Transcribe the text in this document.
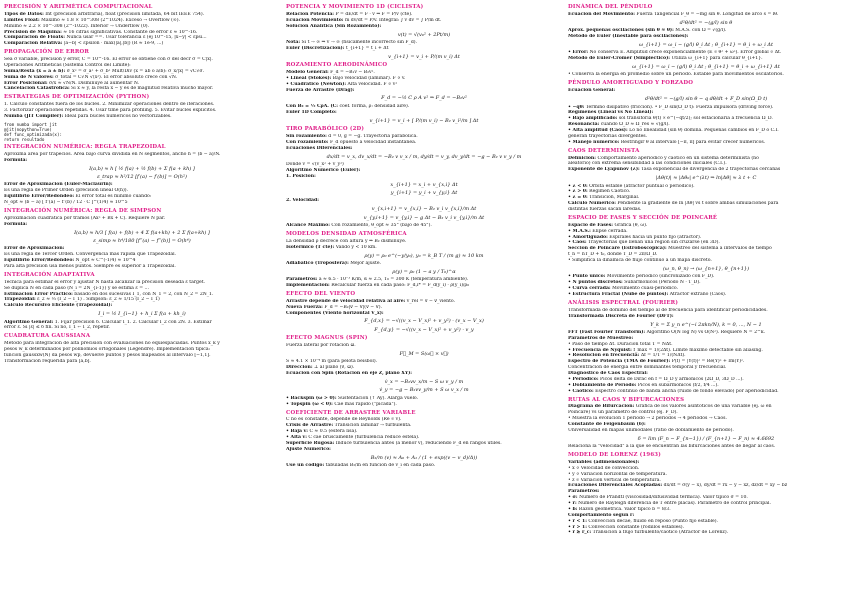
PRECISIÓN Y ARITMÉTICA COMPUTACIONAL
Tipos de Datos: Int (precisión arbitraria), float (precisión limitada, 64 bit IEEE 754).
Límites Float: Máximo ≈ 1.8 × 10^308 (2^1024). Exceso → Overflow (∞).
Mínimo ≈ 2.2 × 10^-308 (2^-1022). Inferior → Underflow (0).
Precisión de Máquina: ≈ 16 cifras significativas. Constante de error ε ≈ 10^-16.
Comparación de Floats: Nunca usar ==. Usar tolerancia ε (ej 10^-15, |x−y| < εpsi...
Comparación Relativa: |a−b| < εpsilon · max(|a|,|b|) (R ≈ 1e-9, ...)
PROPAGACIÓN DE ERROR
Sea σ variable, precisión y error, C = 10^-16. El error se obtiene con σ del decr σ = C|x|.
Operaciones Aritméticas (Sistema Control del Límite):
Suma/Resta (x = a ± b): σ_x² = σ_a² + σ_b² Mult/Div (x = ab ó a/b): σ_x/|x| = √C√σ.
Suma de N valores: σ_total = C√N √⟨x²⟩. El error absoluto crece con √N.
Error Posicional: σ/x ≈ √N/N. Disminuye al aumentar N.
Cancelación Catastrófica: Si x ≈ y, la resta x − y es de magnitud relativa mucho mayor.
ESTRATEGIAS DE OPTIMIZACIÓN (PYTHON)
1. Cálculo constantes fuera de los bucles. 2. Minimizar operaciones dentro de iteraciones.
3. Factorizar operaciones repetidas. 4. Usar time para profiling. 5. Evitar bucles explícitos.
Numba (JIT Compiler): Ideal para bucles numéricos no vectorizables.
from numba import jit
@jit(nopython=True)
def func_optimizada(x):
return resultado
INTEGRACIÓN NUMÉRICA: REGLA TRAPEZOIDAL
Aproxima área por trapecios. Área bajo curva dividida en N segmentos, ancho h = (b − a)/N.
Fórmula:
I(a,b) ≈ h [ ½ f(a) + ½ f(b) + Σ f(a + kh) ]
ε_trap ≈ h²/12 [f′(a) − f′(b)] = O(h²)
Error de Aproximación (Euler-Maclaurin):
Es una regla de Primer Orden (precisión lineal O(h)).
Equilibrio Error/Redondeo: El error total es mínimo cuando:
N_opt ≈ (b − a) [ f″(a) − f″(b) / 12 · C ]^(1/4) ≈ 10^5
INTEGRACIÓN NUMÉRICA: REGLA DE SIMPSON
Aproximación cuadrática por tramos (Ax² + Bx + C). Requiere N par.
Fórmula:
I(a,b) ≈ h/3 [ f(a) + f(b) + 4 Σ f(a+kh) + 2 Σ f(a+kh) ]
ε_simp ≈ h⁴/180 [f‴(a) − f‴(b)] = O(h⁴)
Error de Aproximación:
Es una regla de Tercer Orden. Convergencia más rápida que Trapezoidal.
Equilibrio Error/Redondeo: N_opt ≈ C^(-1/4) ≈ 10^4
Para alta precisión usa menos puntos. Siempre es superior a Trapezoidal.
INTEGRACIÓN ADAPTATIVA
Técnica para estimar el error y ajustar N hasta alcanzar la precisión deseada ε target.
Se duplica N en cada paso (N_i = 2N_{i-1}) y se estima ε = ...
Estimación Error Práctico: basado en dos sucesivas I_1, con N_1 = 2, con N_2 = 2N_1.
Trapezoidal: ε_2 ≈ ⅓ (I_2 − I_1) . Simpson: ε_2 ≈ 1/15 (I_2 − I_1)
Cálculo Recursivo Eficiente (Trapezoidal):
I_i = ½ I_{i−1} + h_i Σ f(a + kh_i)
Algoritmo General: 1. Fijar precisión δ. Calcular I_1. 2. Calcular I_2 con 2N. 3. Estimar
error ε. Si |ε| ≤ δ fin. Si no, I_1 ← I_2, repetir.
CUADRATURA GAUSSIANA
Método para integración de alta precisión con evaluaciones no equiespaciadas. Puntos x_k y
pesos w_k determinados por polinomios ortogonales (Legendre). Implementación típica:
función gaussxw(N) da pesos wp, devuelve puntos y pesos mapeados al intervalo [−1,1].
Transformación requerida para [a,b].
POTENCIA Y MOVIMIENTO 1D (CICLISTA)
Relación Potencia: P = dE/dt = F · v ⇒ F = P/v (cte).
Ecuación Movimiento: m dv/dt = P/v. Integral: ∫ v dv = ∫ P/m dt.
Solución Analítica (Sin Rozamiento):
v(t) = √(v₀² + 2Pt/m)
Nota: Si t → ∞ ⇒ v → ∞ (físicamente incorrecto sin F_d).
Euler (Discretización): t_{i+1} = t_i + Δt
v_{i+1} = v_i + P/(m v_i) Δt
ROZAMIENTO AERODINÁMICO
Modelo General: F_d = −B₁v − B₂v².
• Lineal (Stokes): Bajo velocidad (laminar). F ∝ v.
• Cuadrático (Newton): Alta velocidad. F ∝ v²
Fuerza de Arrastre (Drag):
F_d = −½ C ρ A v² ⇒ F_d = −B₂v²
Con B₂ = ½ CρA. (C: coef. forma, ρ: densidad aire).
Euler 1D Completo:
v_{i+1} = v_i + [ P/(m v_i) − B₂ v_i²/m ] Δt
TIRO PARABÓLICO (2D)
Sin rozamiento: d = 0, g = −g. Trayectoria parabólica.
Con rozamiento: F_d opuesto a velocidad instantánea.
Ecuaciones Diferenciales:
dx/dt = v_x, dv_x/dt = −B₂ v v_x / m, dy/dt = v_y, dv_y/dt = −g − B₂ v v_y / m
Donde v = √(v_x² + v_y²)
Algoritmo Numérico (Euler):
1. Posición:
x_{i+1} = x_i + v_{x,i} Δt
y_{i+1} = y_i + v_{y,i} Δt
2. Velocidad:
v_{x,i+1} = v_{x,i} − B₂ v_i v_{x,i}/m Δt
v_{y,i+1} = v_{y,i} − g Δt − B₂ v_i v_{y,i}/m Δt
Alcance Máximo: Con rozamiento, θ_opt ≈ 35° (bajo de 45°).
MODELOS DENSIDAD ATMOSFÉRICA
La densidad ρ decrece con altura y ⇒ B₂ disminuye.
Isotérmico (T cte): Válido y < 10 km.
ρ(y) = ρ₀ e^(−y/y₀), y₀ = k_B T / (m g) ≈ 10 km
Adiabático (Troposfera): Mejor ajuste.
ρ(y) = ρ₀ (1 − a y / T₀)^α
Parámetros: a ≈ 6.5 · 10⁻³ K/m, α ≈ 2.5, T₀ = 300 K (temperatura ambiente).
Implementación: Recalcular fuerza en cada paso: F_d,i* = F_d(y_i) · ρ(y_i)/ρ₀
EFECTO DEL VIENTO
Arrastre depende de velocidad relativa al aire: v_rel = v⃗ − v⃗_viento.
Nueva Fuerza: F_d = −B₂|v⃗ − V⃗|(v⃗ − V⃗).
Componentes (Viento horizontal V_x):
F_{d,x} = −√((v_x − V_x)² + v_y²) · (v_x − V_x)
F_{d,y} = −√((v_x − V_x)² + v_y²) · v_y
EFECTO MAGNUS (SPIN)
Fuerza lateral por rotación ω⃗.
F⃗_M = S(ω⃗ × v⃗)
S ≈ 4.1 × 10⁻⁴ m (para pelota béisbol).
Dirección: ⊥ al plano (v⃗, ω⃗).
Ecuación con Spin (Rotación en eje Z, plano XY):
v̇_x = −B₂vv_x/m − S ω v_y / m
v̇_y = −g − B₂vv_y/m + S ω v_x / m
• Backspin (ω > 0): Sustentación (↑ Ay). Alarga vuelo.
• Topspin (ω < 0): Cae más rápido ("picada").
COEFICIENTE DE ARRASTRE VARIABLE
C no es constante, depende de Reynolds (Re ∝ v).
Crisis de Arrastre: Transición laminar → turbulenta.
• Baja v: C ≈ 0.5 (esfera lisa).
• Alta v: C cae bruscamente (turbulencia reduce estela).
Superficie Rugosa: Induce turbulencia antes (a menor v), reduciendo F_d en rangos útiles.
Ajuste Numérico:
B₂/m (v) ≈ A₀ + A₁ / (1 + exp((v − v_d)/Δ))
Use un código: tabuladas B₂/m en función de v_i en cada paso.
DINÁMICA DEL PÉNDULO
Ecuación del Movimiento: Fuerza Tangencial F_θ = −mg sin θ. Longitud de arco s = lθ.
d²θ/dt² = −(g/l) sin θ
Aprox. pequeñas oscilaciones (sin θ ≈ θ): M.A.S. con Ω = √(g/l).
Método de Euler (Inestable para oscilaciones):
ω_{i+1} = ω_i − (g/l) θ_i Δt ; θ_{i+1} = θ_i + ω_i Δt
• Error: No conserva E. Amplitud crece exponencialmente (E ∝ θ² + ω²). Error global ∝ Δt.
Método de Euler-Cromer (Simpléctico): Utiliza ω_{i+1} para calcular θ_{i+1}.
ω_{i+1} = ω_i − (g/l) θ_i Δt ; θ_{i+1} = θ_i + ω_{i+1} Δt
• Conserva la energía en promedio sobre un período. Estable para movimientos oscilatorios.
PÉNDULO AMORTIGUADO Y FORZADO
Ecuación General:
d²θ/dt² = −(g/l) sin θ − q dθ/dt + F_D sin(Ω_D t)
• −qθ̇: Término disipativo (fricción). • F_D sin(Ω_D t): Fuerza impulsora (driving force).
Regímenes (Lineal vs No Lineal):
• Bajo amplificado: sol transitoria θ(t) ∝ e^(−qt/2); sol estacionaria a frecuencia Ω_D.
Resonancia: cuando Ω_D ≈ Ω_res ≈ √(g/l).
• Alta amplitud (Caos): Lo no linealidad (sin θ) domina. Pequeñas cambios en F_D o C.I.
generan trayectorias divergentes.
• Manejo numérico: Restringir θ al intervalo [−π, π] para evitar crecer numéricos.
CAOS DETERMINISTA
Definición: Comportamiento aperiódico y caótico en un sistema determinista (no
aleatorio) con extrema sensibilidad a las condiciones iniciales (C.I.).
Exponente de Lyapunov (λ): Tasa exponencial de divergencia de 2 trayectorias cercanas
|Δθ(t)| ≈ |Δθ₀| e^(λt) ⇒ ln|Δθ| ≈ λ t + C
• λ < 0: Órbita estable (atractor puntual o periódico).
• λ > 0: Régimen Caótico.
• λ = 0: Transición, Marginal.
Cálculo Numérico: Pendiente la gradiente de ln |Δθ| vs t sobre ambas simulaciones para
distintas fuerzas sacan laredas.
ESPACIO DE FASES Y SECCIÓN DE POINCARÉ
Espacio de Fases: Gráfica (θ, ω).
• M.A.S.: Elipse cerrada.
• Amortiguado: Espirales hacia un punto fijo (atractor).
• Caos: Trayectorias que llenan una región sin cruzarse (en 3D).
Sección de Poincaré (Estroboscópica): Muestreo del sistema a intervalos de tiempo
t_n = nT_D + t₀, donde T_D = 2π/Ω_D.
• Simplifica la dinámica de flujo continuo a un mapa discreto.
(ω_n, θ_n) → (ω_{n+1}, θ_{n+1})
• Punto único: Movimiento periódico (sincronizado con F_D).
• N puntos discretos: Subarmónicos (Período N · T_D).
• Curva cerrada: Movimiento cuasi-periódico.
• Estructura Fractal (Nube de puntos): Atractor extraño (Caos).
ANÁLISIS ESPECTRAL (FOURIER)
Transformada de dominio del tiempo al de frecuencia para identificar periodicidades.
Transformada Discreta de Fourier (DFT):
Y_k = Σ y_n e^(−i 2πkn/N), k = 0, ..., N − 1
FFT (Fast Fourier Transform): Algoritmo O(N log N) vs O(N²). Requiere N = 2^k.
Parámetros de Muestreo:
• Paso de tiempo Δt. Duración total T = NΔt.
• Frecuencia de Nyquist: f_max = 1/(2Δt). Límite máximo detectable sin aliasing.
• Resolución en frecuencia: Δf = 1/T = 1/(NΔt).
Espectro de Potencia (TMA de Fourier): P(f) = |Y(f)|² = Re(Y)² + Im(Y)².
Concentración de energía entre dominantes temporal y frecuencial.
Diagnóstico de Caos Espectral:
• Periódico: Picos delta de Dirac en f = Ω_D y armónicos (2Ω_D, 3Ω_D ...).
• Doblamiento de Período: Picos en subarmónicos (f/2, f/4 ...).
• Caótico: Espectro continuo de banda ancha (ruido de fondo elevado) por aperiodicidad.
RUTAS AL CAOS Y BIFURCACIONES
Diagrama de Bifurcación: Gráfica de los valores asintóticos de una variable (ej. ω en
Poincaré) vs un parámetro de control (ej. F_D).
• Muestra la evolución 1 período → 2 períodos → 4 períodos → Caos.
Constante de Feigenbaum (δ):
Universalidad en mapas unimodales (ratio de doblamiento de período).
δ = lim (F_n − F_{n−1}) / (F_{n+1} − F_n) ≈ 4.6692
Relaciona la "velocidad" a la que se encuentran las bifurcaciones antes de llegar al caos.
MODELO DE LORENZ (1963)
Variables (adimensionales):
• x ∝ Velocidad de convección.
• y ∝ Variación horizontal de temperatura.
• z ∝ Variación vertical de temperatura.
Ecuaciones Diferenciales Acopladas: dx/dt = σ(y − x), dy/dt = rx − y − xz, dz/dt = xy − bz
Parámetros:
• σ: Número de Prandtl (viscosidad/difusividad térmica). Valor típico σ = 10.
• r: Número de Rayleigh diferencia de T entre placas). Parámetro de control principal.
• b: Razón geométrica. Valor típico b = 8/3.
Comportamiento según r:
• r < 1: Convección decae, fluido en reposo (Punto fijo estable).
• r > 1: Convección constante (rodillos estables).
• r ≳ r_c: Transición a flujo turbulento/caótico (Atractor de Lorenz).
